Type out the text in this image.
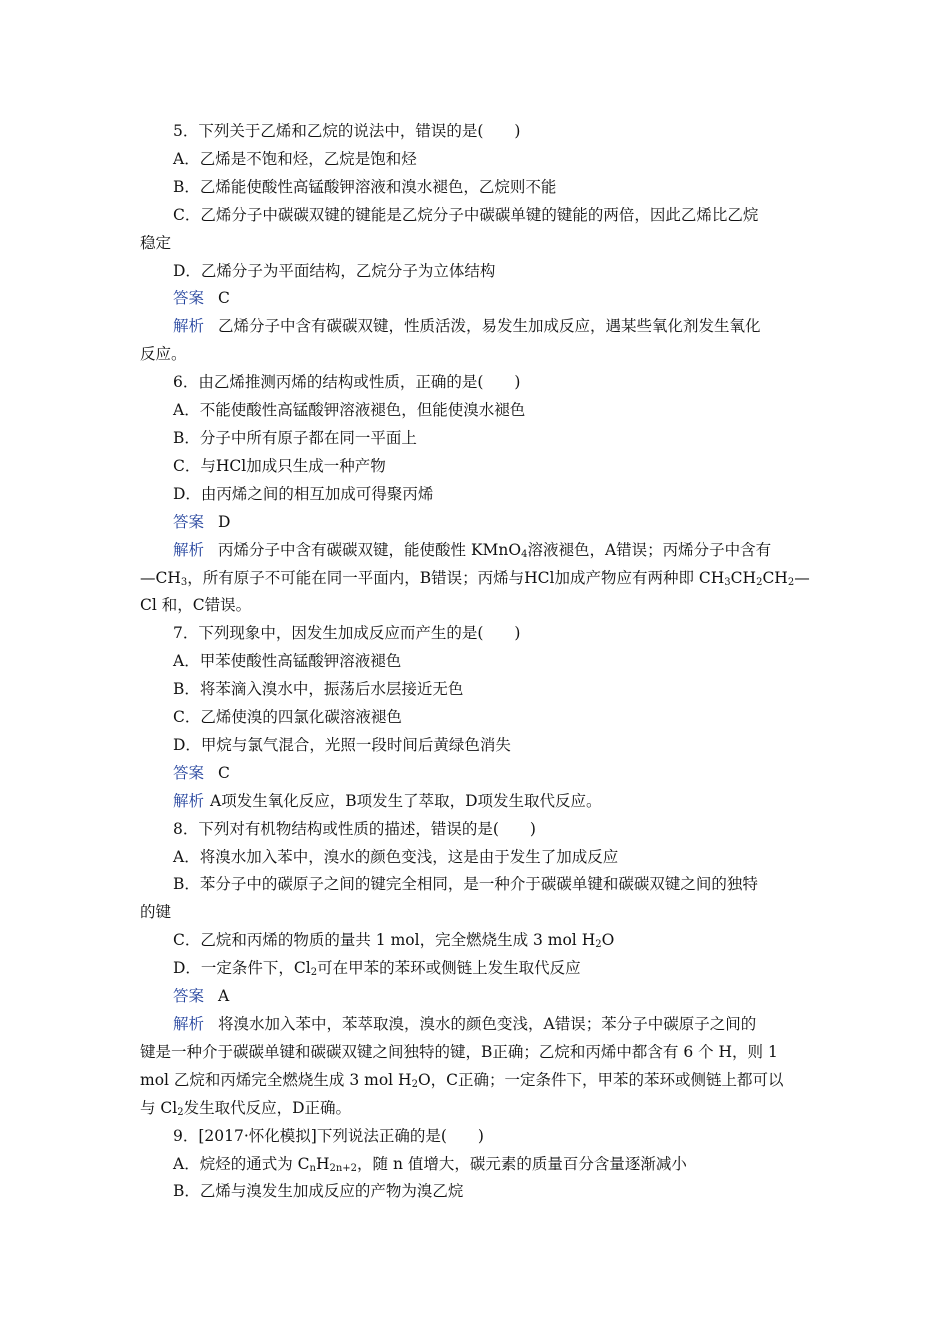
5．下列关于乙烯和乙烷的说法中，错误的是(　　)
A．乙烯是不饱和烃，乙烷是饱和烃
B．乙烯能使酸性高锰酸钾溶液和溴水褪色，乙烷则不能
C．乙烯分子中碳碳双键的键能是乙烷分子中碳碳单键的键能的两倍，因此乙烯比乙烷
稳定
D．乙烯分子为平面结构，乙烷分子为立体结构
答案 C
解析 乙烯分子中含有碳碳双键，性质活泼，易发生加成反应，遇某些氧化剂发生氧化
反应。
6．由乙烯推测丙烯的结构或性质，正确的是(　　)
A．不能使酸性高锰酸钾溶液褪色，但能使溴水褪色
B．分子中所有原子都在同一平面上
C．与HCl加成只生成一种产物
D．由丙烯之间的相互加成可得聚丙烯
答案 D
解析 丙烯分子中含有碳碳双键，能使酸性 KMnO$_4$溶液褪色，A错误；丙烯分子中含有
$—CH_3$，所有原子不可能在同一平面内，B错误；丙烯与HCl加成产物应有两种即 $CH_3CH_2CH_2—$
Cl 和，C错误。
7．下列现象中，因发生加成反应而产生的是(　　)
A．甲苯使酸性高锰酸钾溶液褪色
B．将苯滴入溴水中，振荡后水层接近无色
C．乙烯使溴的四氯化碳溶液褪色
D．甲烷与氯气混合，光照一段时间后黄绿色消失
答案 C
解析 A项发生氧化反应，B项发生了萃取，D项发生取代反应。
8．下列对有机物结构或性质的描述，错误的是(　　)
A．将溴水加入苯中，溴水的颜色变浅，这是由于发生了加成反应
B．苯分子中的碳原子之间的键完全相同，是一种介于碳碳单键和碳碳双键之间的独特
的键
C．乙烷和丙烯的物质的量共 1 mol，完全燃烧生成 3 mol $H_2O$
D．一定条件下，$Cl_2$可在甲苯的苯环或侧链上发生取代反应
答案 A
解析 将溴水加入苯中，苯萃取溴，溴水的颜色变浅，A错误；苯分子中碳原子之间的
键是一种介于碳碳单键和碳碳双键之间独特的键，B正确；乙烷和丙烯中都含有 6 个 H，则 1
mol 乙烷和丙烯完全燃烧生成 3 mol $H_2O$，C正确；一定条件下，甲苯的苯环或侧链上都可以
与 $Cl_2$发生取代反应，D正确。
9．[2017·怀化模拟]下列说法正确的是(　　)
A．烷烃的通式为 $C_nH_{2n+2}$，随 n 值增大，碳元素的质量百分含量逐渐减小
B．乙烯与溴发生加成反应的产物为溴乙烷
